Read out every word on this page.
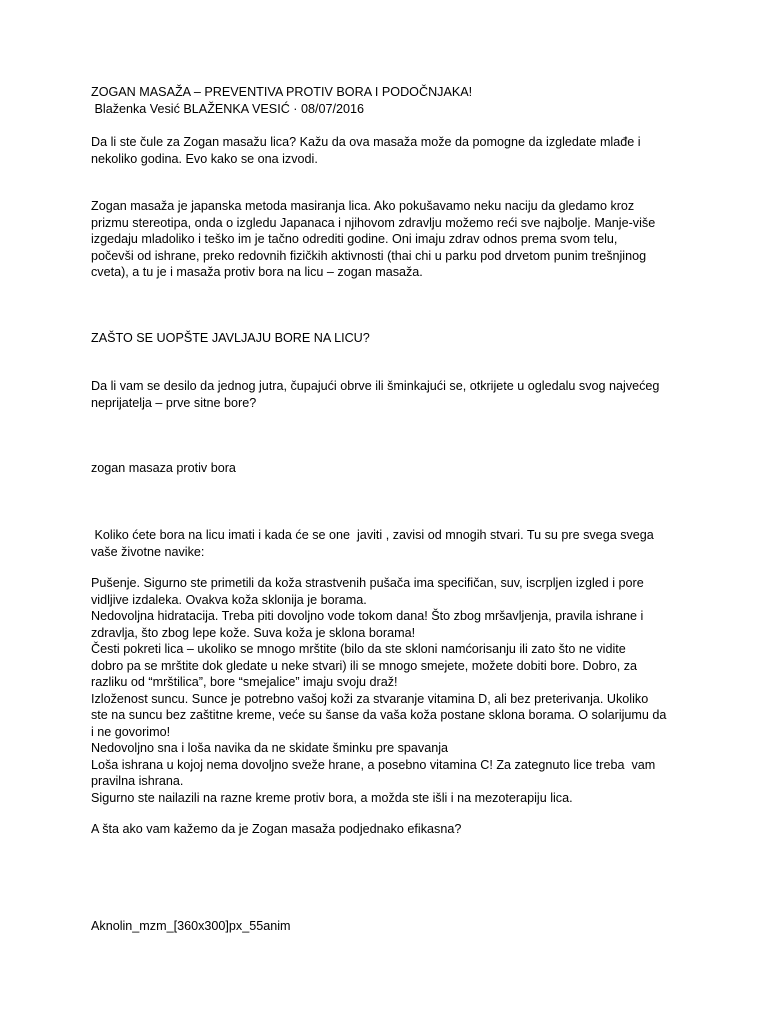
ZOGAN MASAŽA – PREVENTIVA PROTIV BORA I PODOČNJAKA!
Blaženka Vesić BLAŽENKA VESIĆ · 08/07/2016
Da li ste čule za Zogan masažu lica? Kažu da ova masaža može da pomogne da izgledate mlađe i
nekoliko godina. Evo kako se ona izvodi.
Zogan masaža je japanska metoda masiranja lica. Ako pokušavamo neku naciju da gledamo kroz
prizmu stereotipa, onda o izgledu Japanaca i njihovom zdravlju možemo reći sve najbolje. Manje-više
izgedaju mladoliko i teško im je tačno odrediti godine. Oni imaju zdrav odnos prema svom telu,
počevši od ishrane, preko redovnih fizičkih aktivnosti (thai chi u parku pod drvetom punim trešnjinog
cveta), a tu je i masaža protiv bora na licu – zogan masaža.
ZAŠTO SE UOPŠTE JAVLJAJU BORE NA LICU?
Da li vam se desilo da jednog jutra, čupajući obrve ili šminkajući se, otkrijete u ogledalu svog najvećeg
neprijatelja – prve sitne bore?
zogan masaza protiv bora
Koliko ćete bora na licu imati i kada će se one  javiti , zavisi od mnogih stvari. Tu su pre svega svega
vaše životne navike:
Pušenje. Sigurno ste primetili da koža strastvenih pušača ima specifičan, suv, iscrpljen izgled i pore
vidljive izdaleka. Ovakva koža sklonija je borama.
Nedovoljna hidratacija. Treba piti dovoljno vode tokom dana! Što zbog mršavljenja, pravila ishrane i
zdravlja, što zbog lepe kože. Suva koža je sklona borama!
Česti pokreti lica – ukoliko se mnogo mrštite (bilo da ste skloni namćorisanju ili zato što ne vidite
dobro pa se mrštite dok gledate u neke stvari) ili se mnogo smejete, možete dobiti bore. Dobro, za
razliku od “mrštilica”, bore “smejalice” imaju svoju draž!
Izloženost suncu. Sunce je potrebno vašoj koži za stvaranje vitamina D, ali bez preterivanja. Ukoliko
ste na suncu bez zaštitne kreme, veće su šanse da vaša koža postane sklona borama. O solarijumu da
i ne govorimo!
Nedovoljno sna i loša navika da ne skidate šminku pre spavanja
Loša ishrana u kojoj nema dovoljno sveže hrane, a posebno vitamina C! Za zategnuto lice treba  vam
pravilna ishrana.
Sigurno ste nailazili na razne kreme protiv bora, a možda ste išli i na mezoterapiju lica.
A šta ako vam kažemo da je Zogan masaža podjednako efikasna?
Aknolin_mzm_[360x300]px_55anim
